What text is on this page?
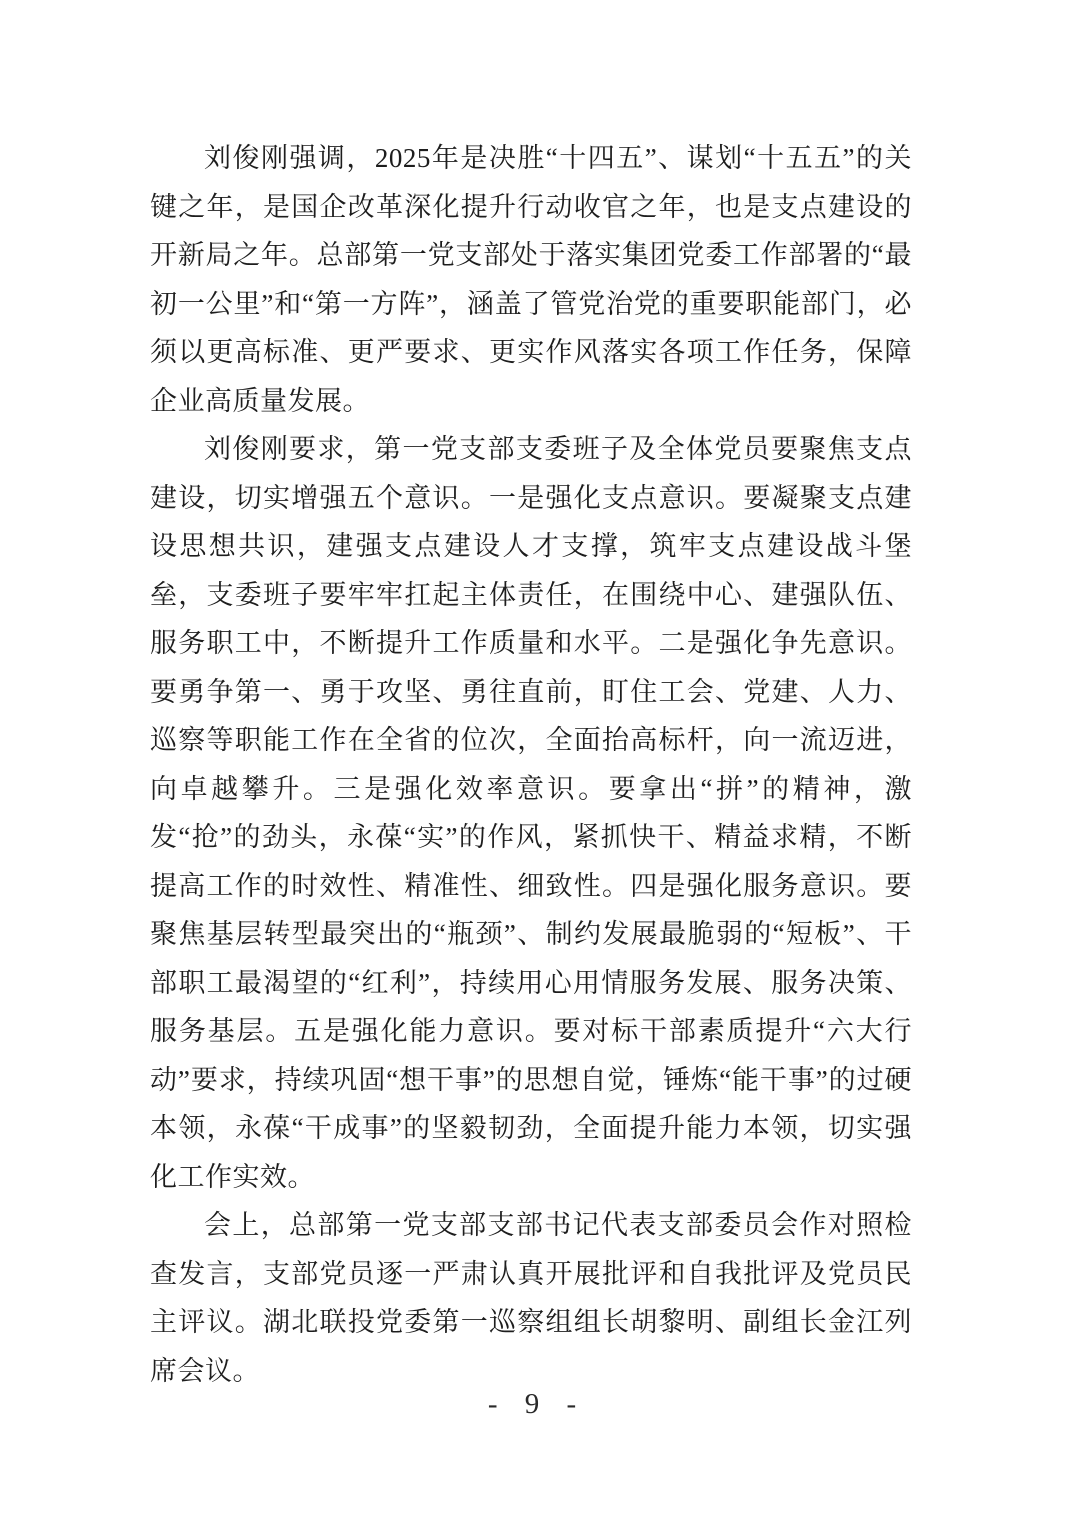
刘俊刚强调，2025年是决胜“十四五”、谋划“十五五”的关键之年，是国企改革深化提升行动收官之年，也是支点建设的开新局之年。总部第一党支部处于落实集团党委工作部署的“最初一公里”和“第一方阵”，涵盖了管党治党的重要职能部门，必须以更高标准、更严要求、更实作风落实各项工作任务，保障企业高质量发展。

刘俊刚要求，第一党支部支委班子及全体党员要聚焦支点建设，切实增强五个意识。一是强化支点意识。要凝聚支点建设思想共识，建强支点建设人才支撑，筑牢支点建设战斗堡垒，支委班子要牢牢扛起主体责任，在围绕中心、建强队伍、服务职工中，不断提升工作质量和水平。二是强化争先意识。要勇争第一、勇于攻坚、勇往直前，盯住工会、党建、人力、巡察等职能工作在全省的位次，全面抬高标杆，向一流迈进，向卓越攀升。三是强化效率意识。要拿出“拼”的精神，激发“抢”的劲头，永葆“实”的作风，紧抓快干、精益求精，不断提高工作的时效性、精准性、细致性。四是强化服务意识。要聚焦基层转型最突出的“瓶颈”、制约发展最脆弱的“短板”、干部职工最渴望的“红利”，持续用心用情服务发展、服务决策、服务基层。五是强化能力意识。要对标干部素质提升“六大行动”要求，持续巩固“想干事”的思想自觉，锤炼“能干事”的过硬本领，永葆“干成事”的坚毅韧劲，全面提升能力本领，切实强化工作实效。

会上，总部第一党支部支部书记代表支部委员会作对照检查发言，支部党员逐一严肃认真开展批评和自我批评及党员民主评议。湖北联投党委第一巡察组组长胡黎明、副组长金江列席会议。

- 9 -
